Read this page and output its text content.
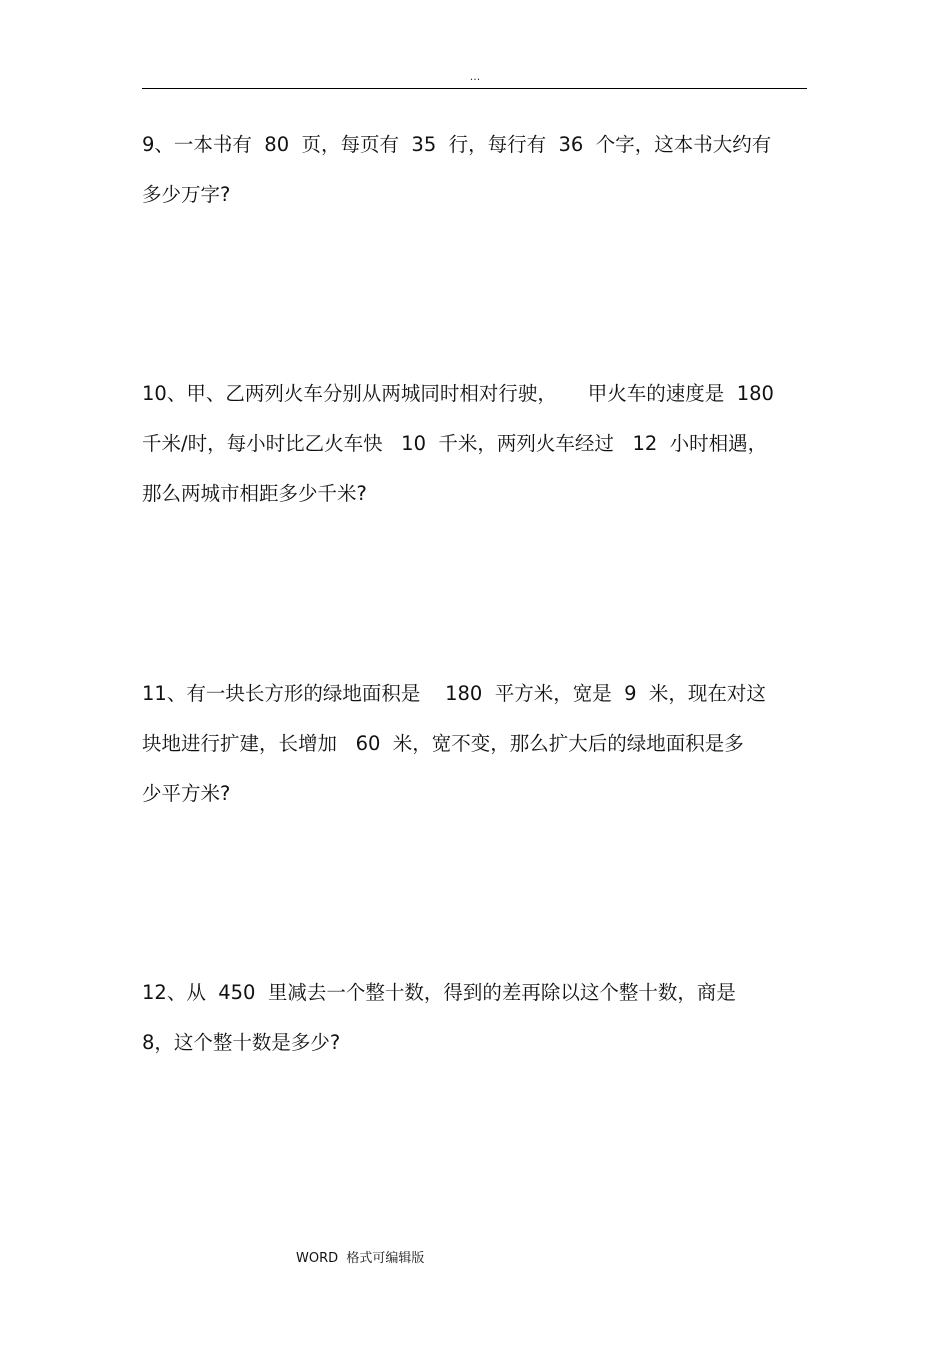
...
9、一本书有  80  页，每页有  35  行，每行有  36  个字，这本书大约有
多少万字?
10、甲、乙两列火车分别从两城同时相对行驶，     甲火车的速度是  180
千米/时，每小时比乙火车快   10  千米，两列火车经过   12  小时相遇，
那么两城市相距多少千米?
11、有一块长方形的绿地面积是    180  平方米，宽是  9  米，现在对这
块地进行扩建，长增加   60  米，宽不变，那么扩大后的绿地面积是多
少平方米?
12、从  450  里减去一个整十数，得到的差再除以这个整十数，商是
8，这个整十数是多少?
WORD  格式可编辑版
